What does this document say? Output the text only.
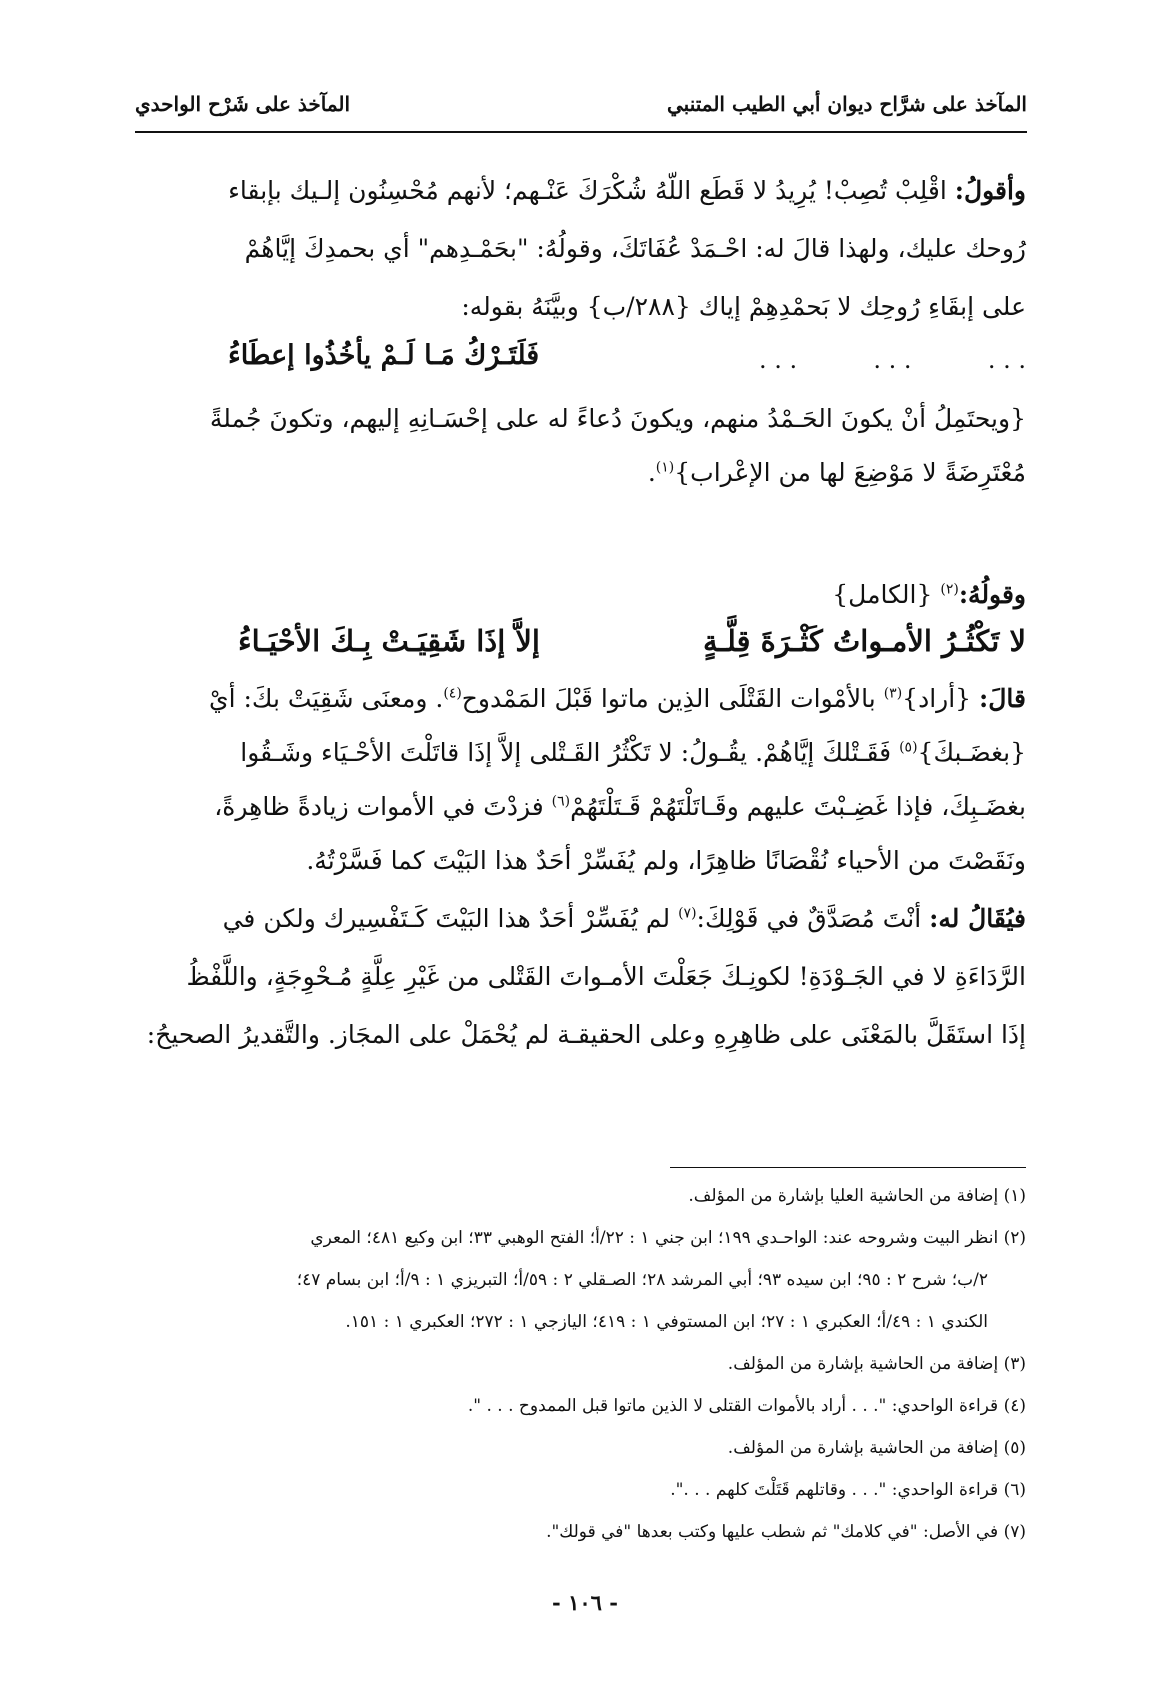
المآخذ على شرَّاح ديوان أبي الطيب المتنبي
المآخذ على شَرْح الواحدي
وأقولُ: اقْلِبْ تُصِبْ! يُرِيدُ لا قَطَع اللّهُ شُكْرَكَ عَنْـهم؛ لأنهم مُحْسِنُون إلـيك بإبقاء
رُوحك عليك، ولهذا قالَ له: احْـمَدْ عُفَاتَكَ، وقولُهُ: "بحَمْـدِهم" أي بحمدِكَ إيَّاهُمْ
على إبقَاءِ رُوحِك لا بَحمْدِهِمْ إياك {٢٨٨/ب} وبيَّنَهُ بقوله:
فَلَتَـرْكُ مَـا لَـمْ يأخُذُوا إعطَاءُ	. . .          . . .          . . .
{ويحتَمِلُ أنْ يكونَ الحَـمْدُ منهم، ويكونَ دُعاءً له على إحْسَـانِهِ إليهم، وتكونَ جُملةً
مُعْتَرِضَةً لا مَوْضِعَ لها من الإعْراب}$^{(١)}$.
وقولُهُ:$^{(٢)}$ {الكامل}
لا تَكْثُـرُ الأمـواتُ كَثْـرَةَ قِلَّـةٍ
إلاَّ إذَا شَقِيَـتْ بِـكَ الأحْيَـاءُ
قالَ: {أراد}$^{(٣)}$ بالأمْوات القَتْلَى الذِين ماتوا قَبْلَ المَمْدوح$^{(٤)}$. ومعنَى شَقِيَتْ بكَ: أيْ
{بغضَـبكَ}$^{(٥)}$ فَقَـتْلكَ إيَّاهُمْ. يقُـولُ: لا تَكْثُرُ القَـتْلى إلاَّ إذَا قاتَلْتَ الأحْـيَاء وشَـقُوا
بغضَـبِكَ، فإذا غَضِـبْتَ عليهم وقَـاتَلْتَهُمْ قَـتَلْتَهُمْ$^{(٦)}$ فزدْتَ في الأموات زيادةً ظاهِرةً،
ونَقَصْتَ من الأحياء نُقْصَانًا ظاهِرًا، ولم يُفَسِّرْ أحَدٌ هذا البَيْتَ كما فَسَّرْتُهُ.
فيُقَالُ له: أنْتَ مُصَدَّقٌ في قَوْلِكَ:$^{(٧)}$ لم يُفَسِّرْ أحَدٌ هذا البَيْتَ كَـتَفْسِيرك ولكن في
الرَّدَاءَةِ لا في الجَـوْدَةِ! لكونِـكَ جَعَلْتَ الأمـواتَ القَتْلى من غَيْرِ عِلَّةٍ مُـحْوِجَةٍ، واللَّفْظُ
إذَا استَقَلَّ بالمَعْنَى على ظاهِرِهِ وعلى الحقيقـة لم يُحْمَلْ على المجَاز. والتَّقديرُ الصحيحُ:
(١) إضافة من الحاشية العليا بإشارة من المؤلف.
(٢) انظر البيت وشروحه عند: الواحـدي ١٩٩؛ ابن جني ١ : ٢٢/أ؛ الفتح الوهبي ٣٣؛ ابن وكيع ٤٨١؛ المعري
٢/ب؛ شرح ٢ : ٩٥؛ ابن سيده ٩٣؛ أبي المرشد ٢٨؛ الصـقلي ٢ : ٥٩/أ؛ التبريزي ١ : ٩/أ؛ ابن بسام ٤٧؛
الكندي ١ : ٤٩/أ؛ العكبري ١ : ٢٧؛ ابن المستوفي ١ : ٤١٩؛ اليازجي ١ : ٢٧٢؛ العكبري ١ : ١٥١.
(٣) إضافة من الحاشية بإشارة من المؤلف.
(٤) قراءة الواحدي: ". . . أراد بالأموات القتلى لا الذين ماتوا قبل الممدوح . . . ".
(٥) إضافة من الحاشية بإشارة من المؤلف.
(٦) قراءة الواحدي: ". . . وقاتلهم قَتَلْتَ كلهم . . .".
(٧) في الأصل: "في كلامك" ثم شطب عليها وكتب بعدها "في قولك".
- ١٠٦ -
